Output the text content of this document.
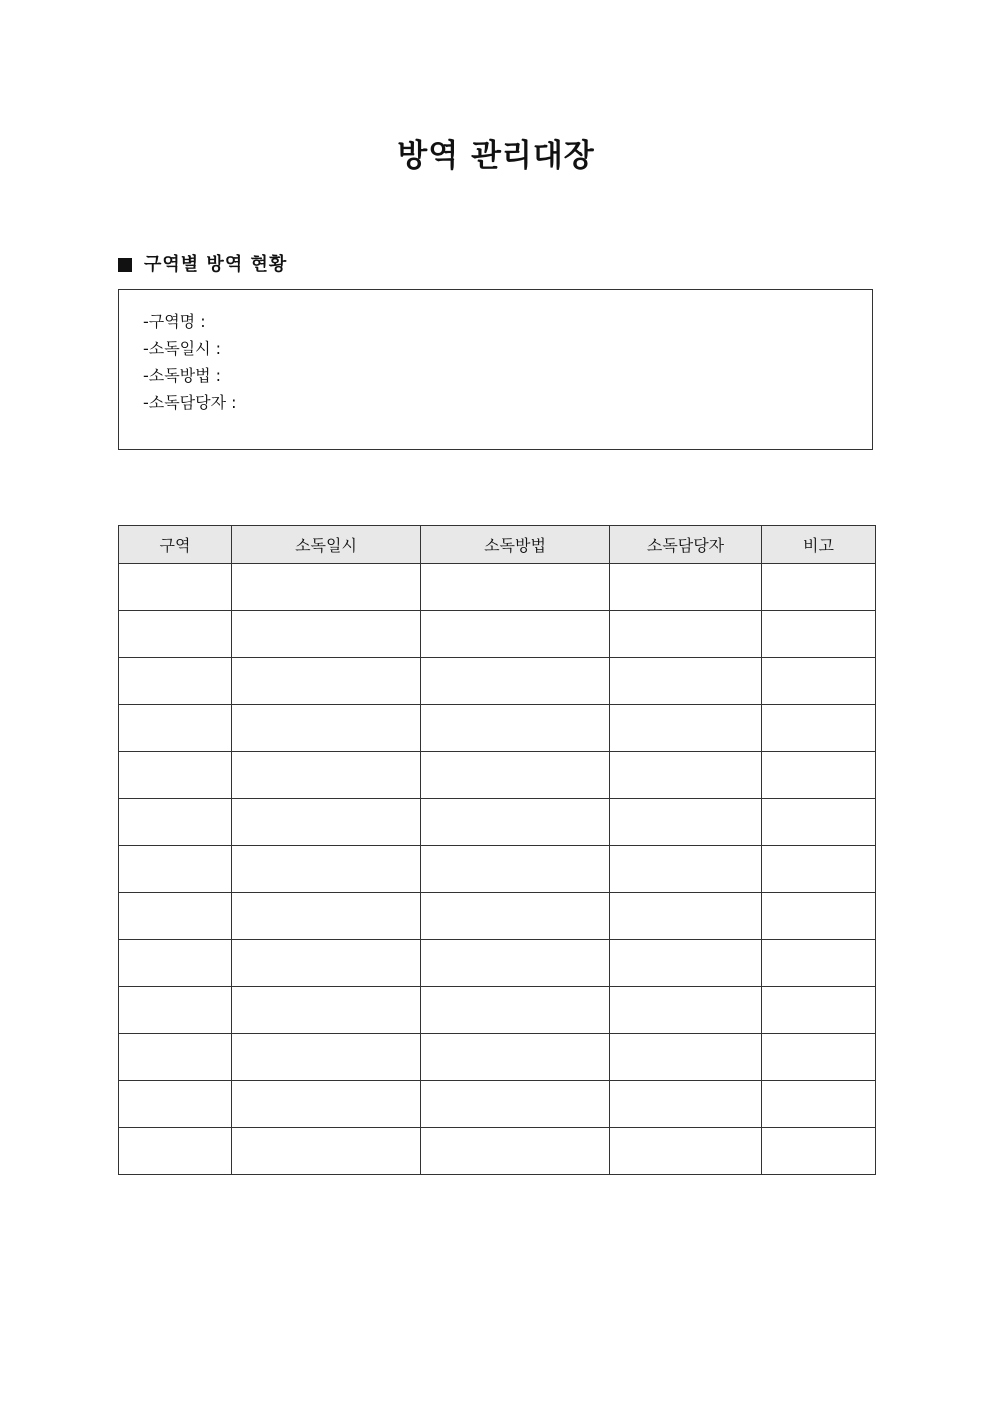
방역 관리대장
구역별 방역 현황
-구역명 :
-소독일시 :
-소독방법 :
-소독담당자 :
구역	소독일시	소독방법	소독담당자	비고
